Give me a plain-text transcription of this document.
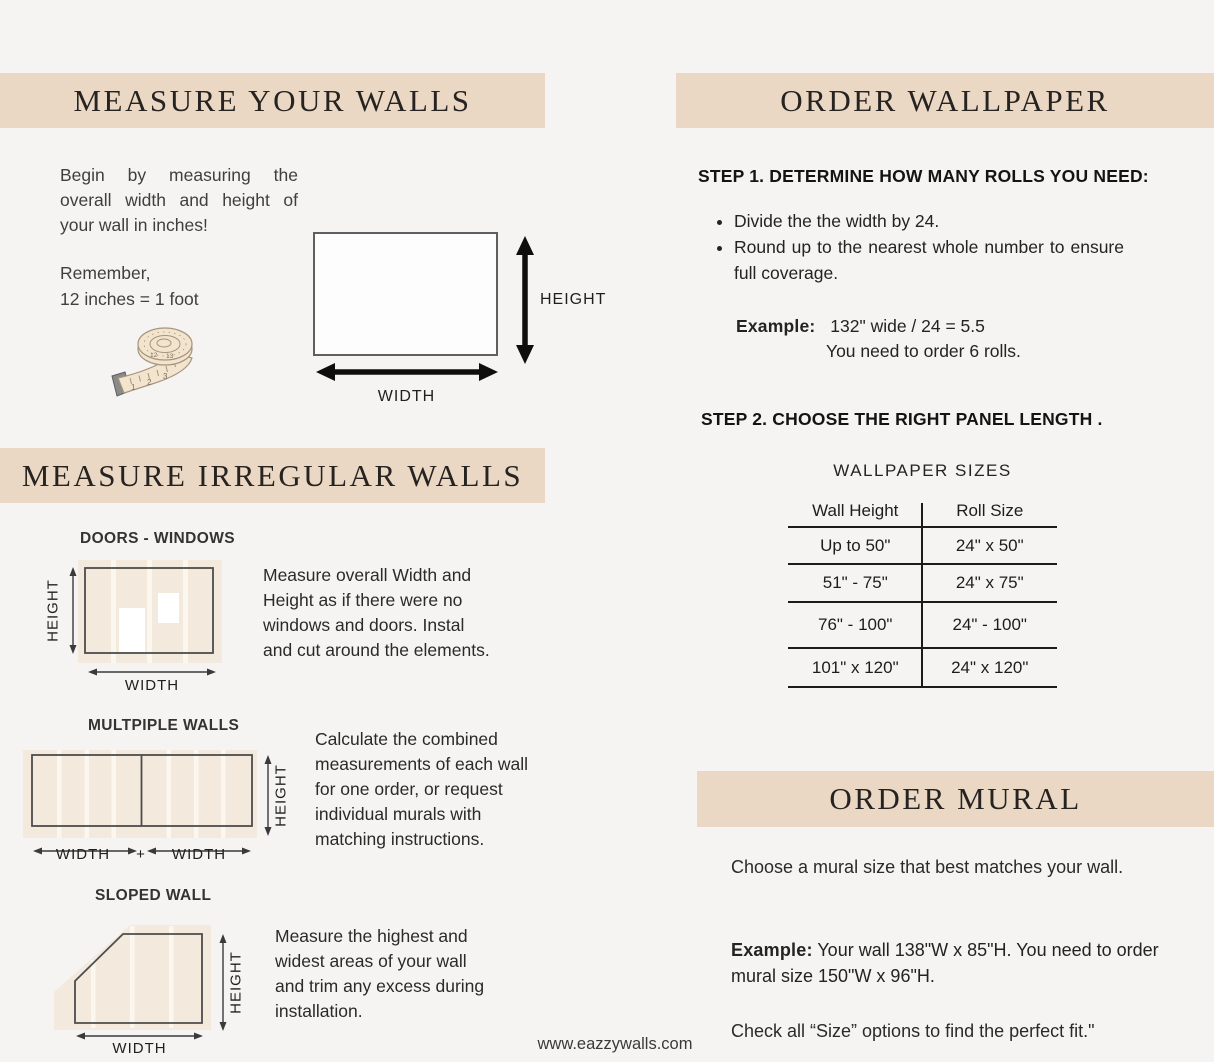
MEASURE YOUR WALLS
Begin by measuring the overall width and height of your wall in inches!
Remember,
12 inches = 1 foot
1
2
3
12 13
HEIGHT
WIDTH
MEASURE IRREGULAR WALLS
DOORS - WINDOWS
HEIGHT
WIDTH
Measure overall Width and Height as if there were no windows and doors. Instal and cut around the elements.
MULTPIPLE WALLS
HEIGHT
WIDTH	+	WIDTH
Calculate the combined measurements of each wall for one order, or request individual murals with matching instructions.
SLOPED WALL
HEIGHT
WIDTH
Measure the highest and widest areas of your wall and trim any excess during installation.
ORDER WALLPAPER
STEP 1. DETERMINE HOW MANY ROLLS YOU NEED:
• Divide the the width by 24.
• Round up to the nearest whole number to ensure full coverage.
Example: 132" wide / 24 = 5.5
You need to order 6 rolls.
STEP 2. CHOOSE THE RIGHT PANEL LENGTH .
WALLPAPER SIZES
Wall Height	Roll Size
Up to 50"	24" x 50"
51" - 75"	24" x 75"
76" - 100"	24" - 100"
101" x 120"	24" x 120"
ORDER MURAL
Choose a mural size that best matches your wall.
Example: Your wall 138"W x 85"H. You need to order mural size 150"W x 96"H.
Check all “Size” options to find the perfect fit."
www.eazzywalls.com
